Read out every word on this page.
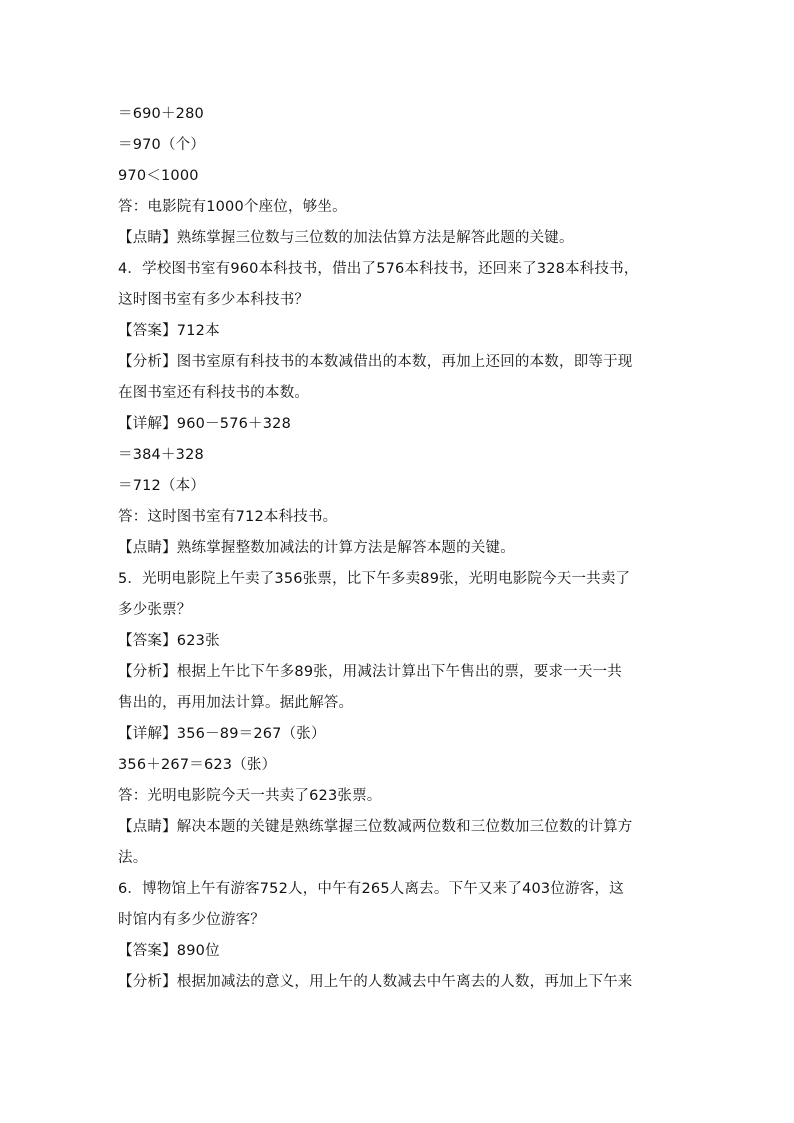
＝690＋280
＝970（个）
970＜1000
答：电影院有1000个座位，够坐。
【点睛】熟练掌握三位数与三位数的加法估算方法是解答此题的关键。
4．学校图书室有960本科技书，借出了576本科技书，还回来了328本科技书，
这时图书室有多少本科技书？
【答案】712本
【分析】图书室原有科技书的本数减借出的本数，再加上还回的本数，即等于现
在图书室还有科技书的本数。
【详解】960－576＋328
＝384＋328
＝712（本）
答：这时图书室有712本科技书。
【点睛】熟练掌握整数加减法的计算方法是解答本题的关键。
5．光明电影院上午卖了356张票，比下午多卖89张，光明电影院今天一共卖了
多少张票？
【答案】623张
【分析】根据上午比下午多89张，用减法计算出下午售出的票，要求一天一共
售出的，再用加法计算。据此解答。
【详解】356－89＝267（张）
356＋267＝623（张）
答：光明电影院今天一共卖了623张票。
【点睛】解决本题的关键是熟练掌握三位数减两位数和三位数加三位数的计算方
法。
6．博物馆上午有游客752人，中午有265人离去。下午又来了403位游客，这
时馆内有多少位游客？
【答案】890位
【分析】根据加减法的意义，用上午的人数减去中午离去的人数，再加上下午来
